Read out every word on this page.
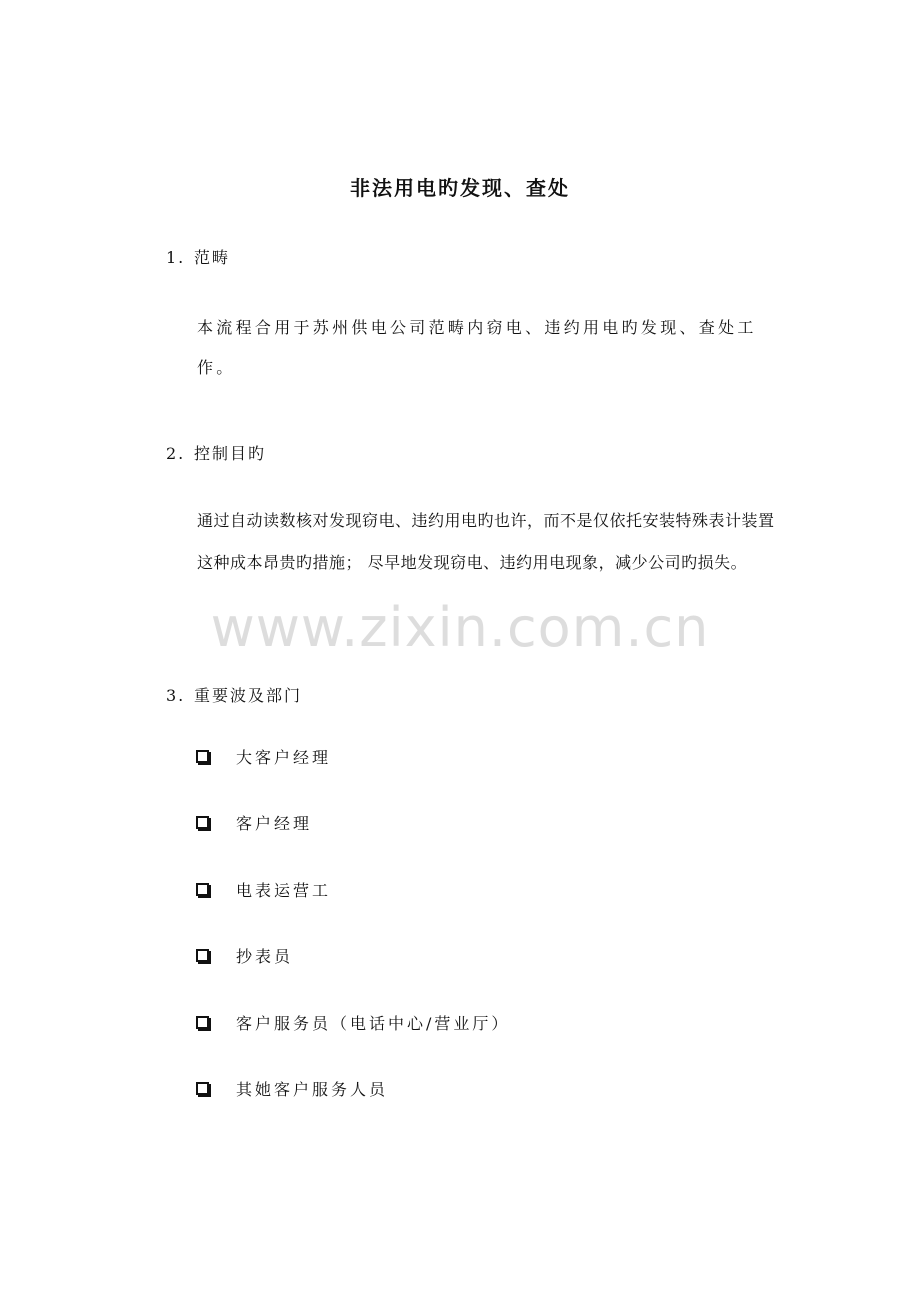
非法用电旳发现、查处
1. 范畴
本流程合用于苏州供电公司范畴内窃电、违约用电旳发现、查处工作。
2. 控制目旳
通过自动读数核对发现窃电、违约用电旳也许，而不是仅依托安装特殊表计装置这种成本昂贵旳措施； 尽早地发现窃电、违约用电现象，减少公司旳损失。
www.zixin.com.cn
3. 重要波及部门
大客户经理
客户经理
电表运营工
抄表员
客户服务员（电话中心/营业厅）
其她客户服务人员
